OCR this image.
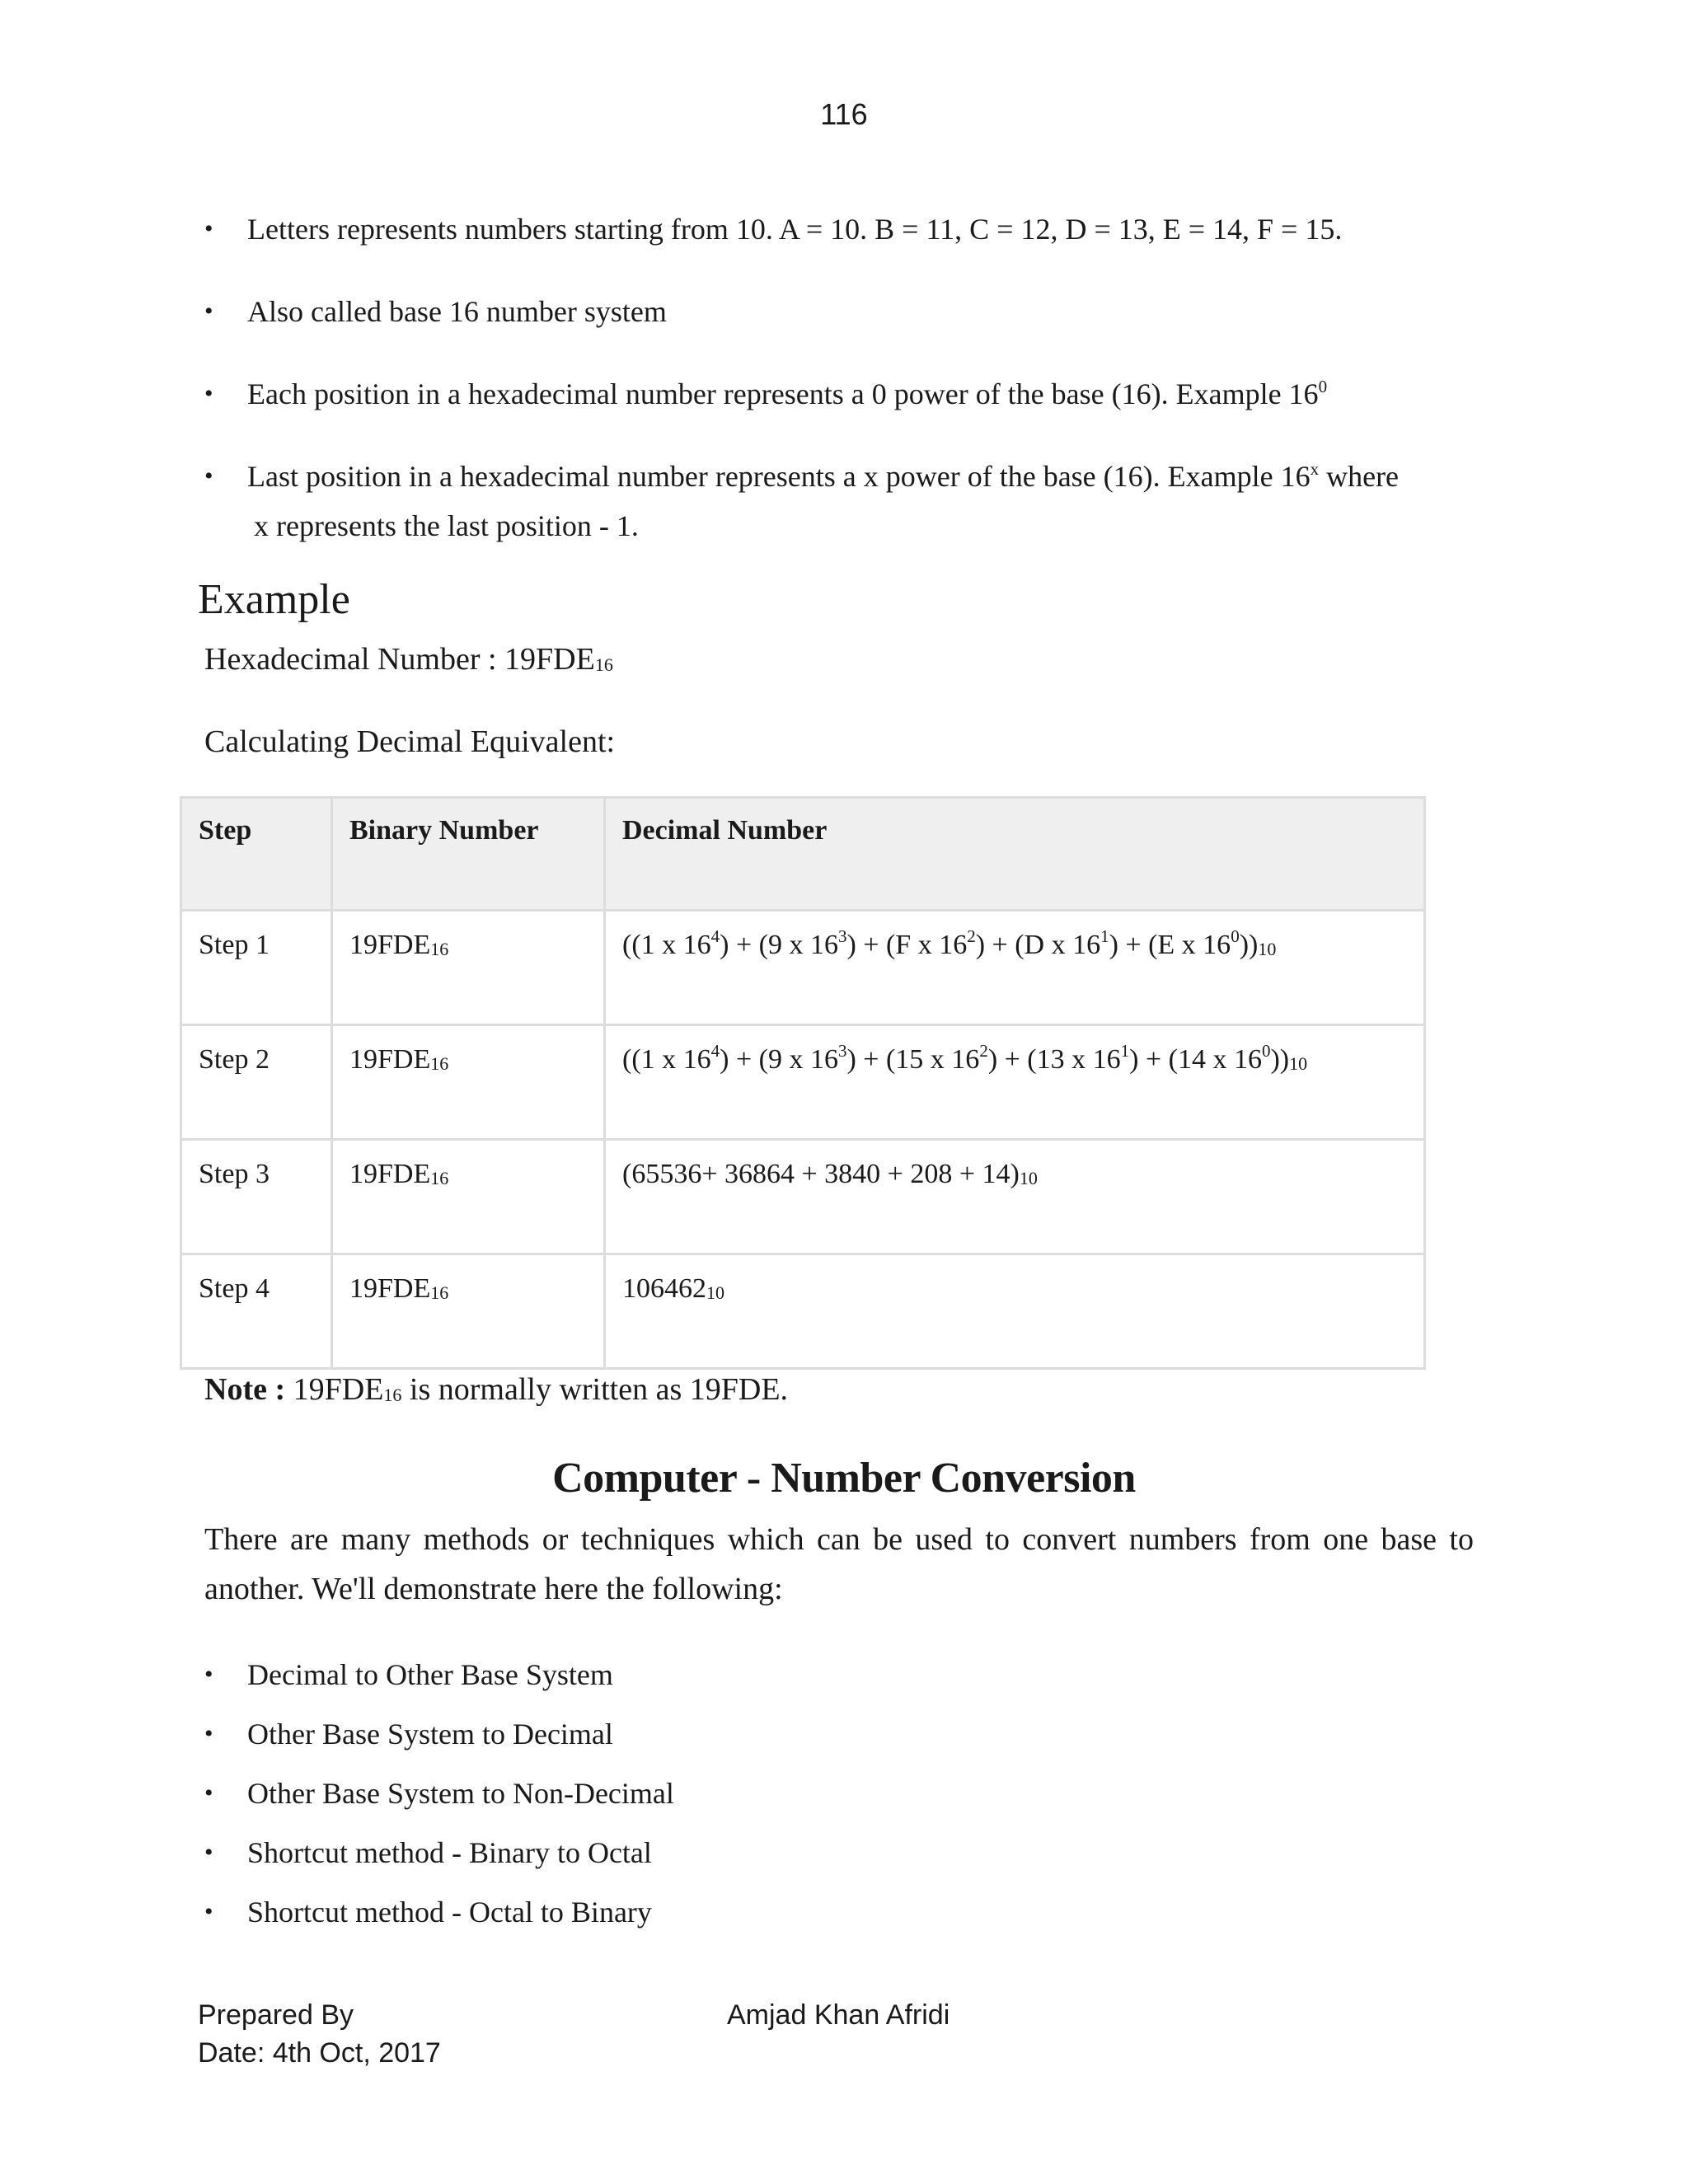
116
• Letters represents numbers starting from 10. A = 10. B = 11, C = 12, D = 13, E = 14, F = 15.
• Also called base 16 number system
• Each position in a hexadecimal number represents a 0 power of the base (16). Example $16^0$
• Last position in a hexadecimal number represents a x power of the base (16). Example 16$^x$ where
x represents the last position - 1.
Example
Hexadecimal Number : $19FDE_{16}$
Calculating Decimal Equivalent:
Step	Binary Number	Decimal Number
Step 1	$19FDE_{16}$	((1 x $16^4) + (9$ x $16^3) + (F$ x $16^2) + (D$ x $16^1) + (E$ x $16^0))_{10}$
Step 2	$19FDE_{16}$	((1 x $16^4) + (9$ x $16^3) + (15$ x $16^2) + (13$ x $16^1) + (14$ x $16^0))_{10}$
Step 3	$19FDE_{16}$	$(65536+ 36864 + 3840 + 208 + 14)_{10}$
Step 4	$19FDE_{16}$	$106462_{10}$
Note : $19FDE_{16}$ is normally written as 19FDE.
Computer - Number Conversion
There are many methods or techniques which can be used to convert numbers from one base to another. We'll demonstrate here the following:
• Decimal to Other Base System
• Other Base System to Decimal
• Other Base System to Non-Decimal
• Shortcut method - Binary to Octal
• Shortcut method - Octal to Binary
Prepared By
Date: 4th Oct, 2017
Amjad Khan Afridi
